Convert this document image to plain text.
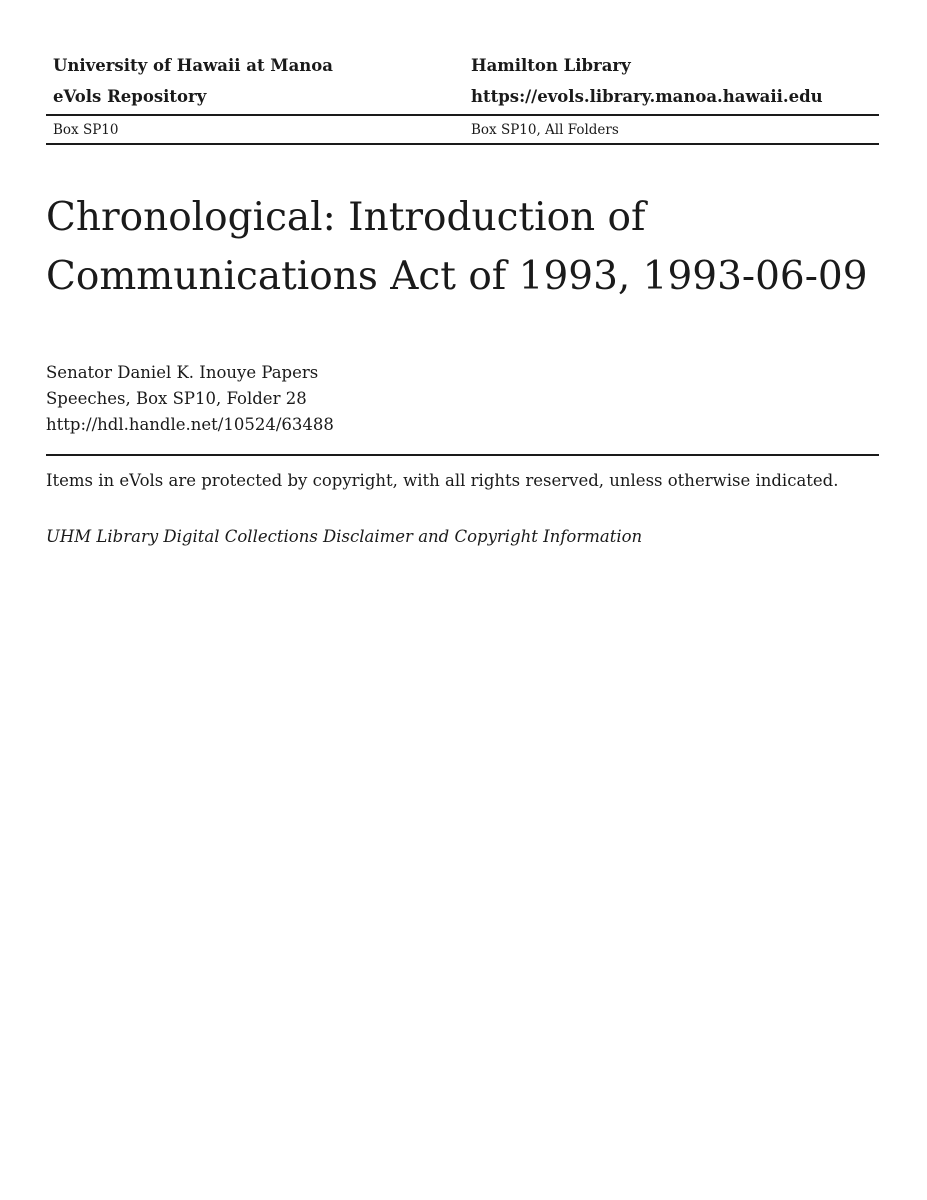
University of Hawaii at Manoa	Hamilton Library
eVols Repository	https://evols.library.manoa.hawaii.edu
Box SP10	Box SP10, All Folders
Chronological: Introduction of Communications Act of 1993, 1993-06-09
Senator Daniel K. Inouye Papers
Speeches, Box SP10, Folder 28
http://hdl.handle.net/10524/63488
Items in eVols are protected by copyright, with all rights reserved, unless otherwise indicated.
UHM Library Digital Collections Disclaimer and Copyright Information
